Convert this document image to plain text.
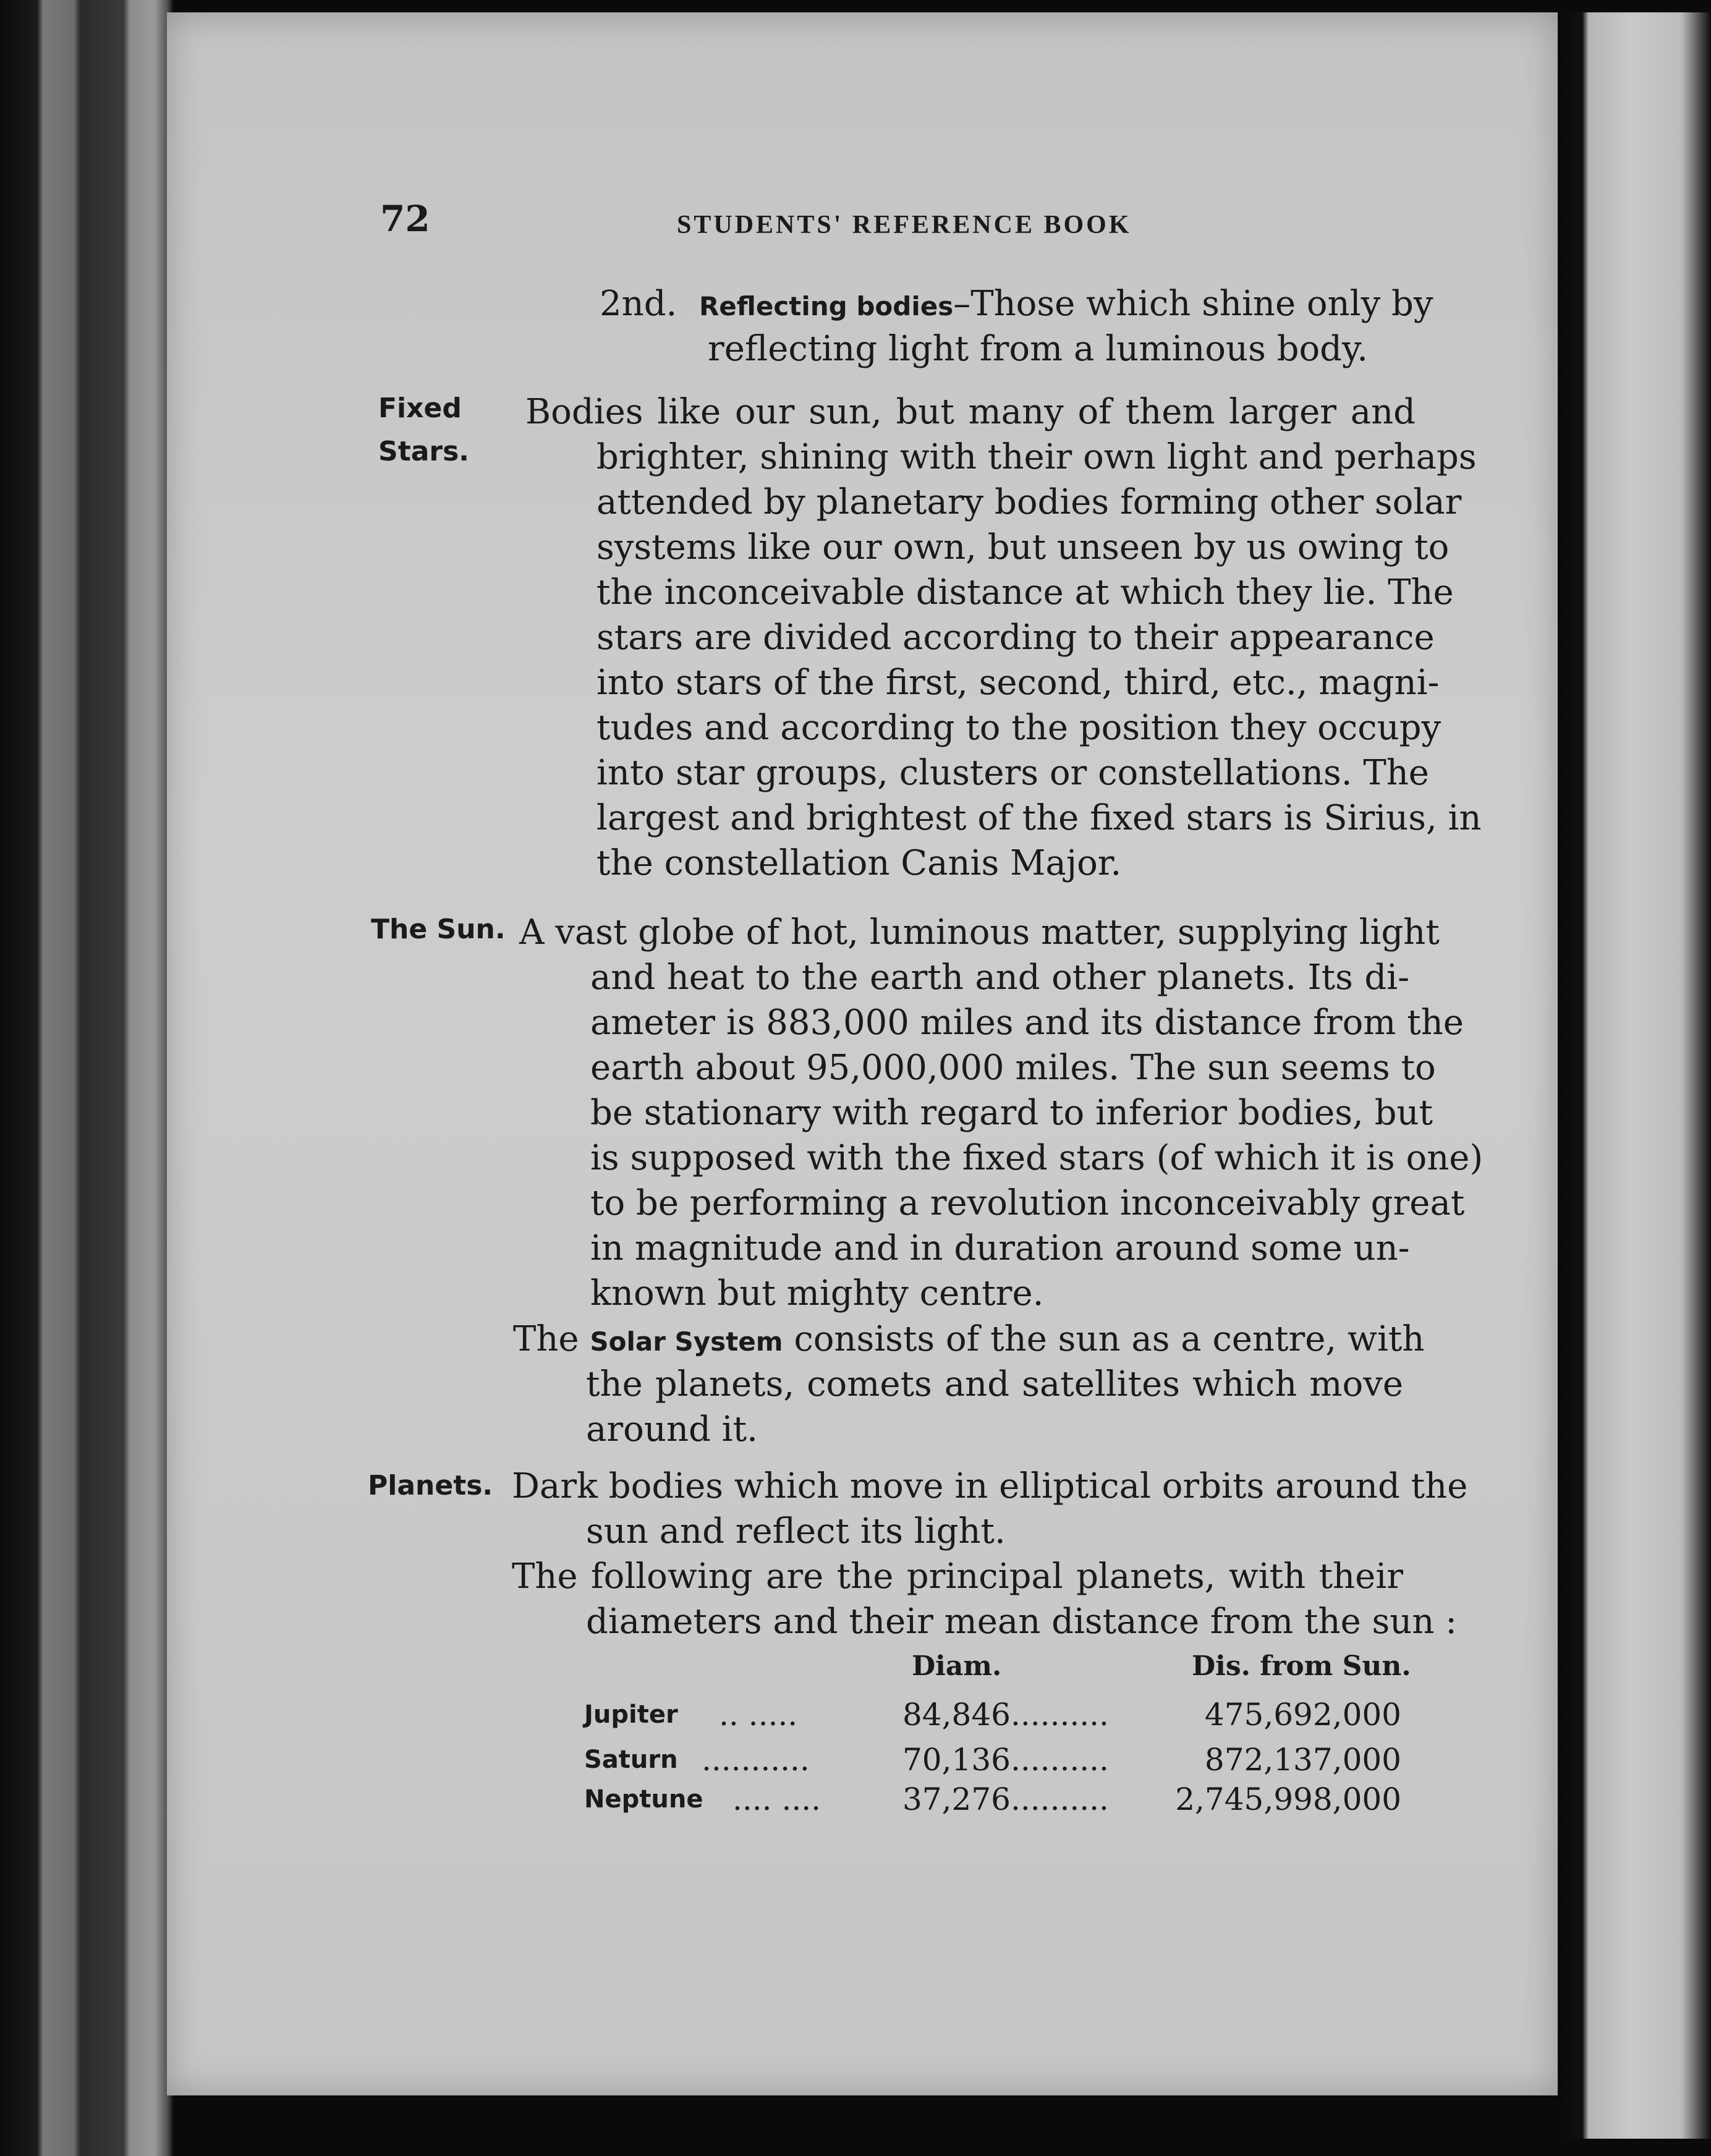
72	STUDENTS' REFERENCE BOOK
2nd. Reflecting bodies–Those which shine only by
reflecting light from a luminous body.
Fixed
Stars.
Bodies like our sun, but many of them larger and
brighter, shining with their own light and perhaps
attended by planetary bodies forming other solar
systems like our own, but unseen by us owing to
the inconceivable distance at which they lie. The
stars are divided according to their appearance
into stars of the first, second, third, etc., magni-
tudes and according to the position they occupy
into star groups, clusters or constellations. The
largest and brightest of the fixed stars is Sirius, in
the constellation Canis Major.
The Sun. A vast globe of hot, luminous matter, supplying light
and heat to the earth and other planets. Its di-
ameter is 883,000 miles and its distance from the
earth about 95,000,000 miles. The sun seems to
be stationary with regard to inferior bodies, but
is supposed with the fixed stars (of which it is one)
to be performing a revolution inconceivably great
in magnitude and in duration around some un-
known but mighty centre.
The Solar System consists of the sun as a centre, with
the planets, comets and satellites which move
around it.
Planets. Dark bodies which move in elliptical orbits around the
sun and reflect its light.
The following are the principal planets, with their
diameters and their mean distance from the sun :
Diam.	Dis. from Sun.
Jupiter .. .....	84,846 ..........	475,692,000
Saturn ...........	70,136 ..........	872,137,000
Neptune .... ....	37,276 .......... 2,745,998,000
